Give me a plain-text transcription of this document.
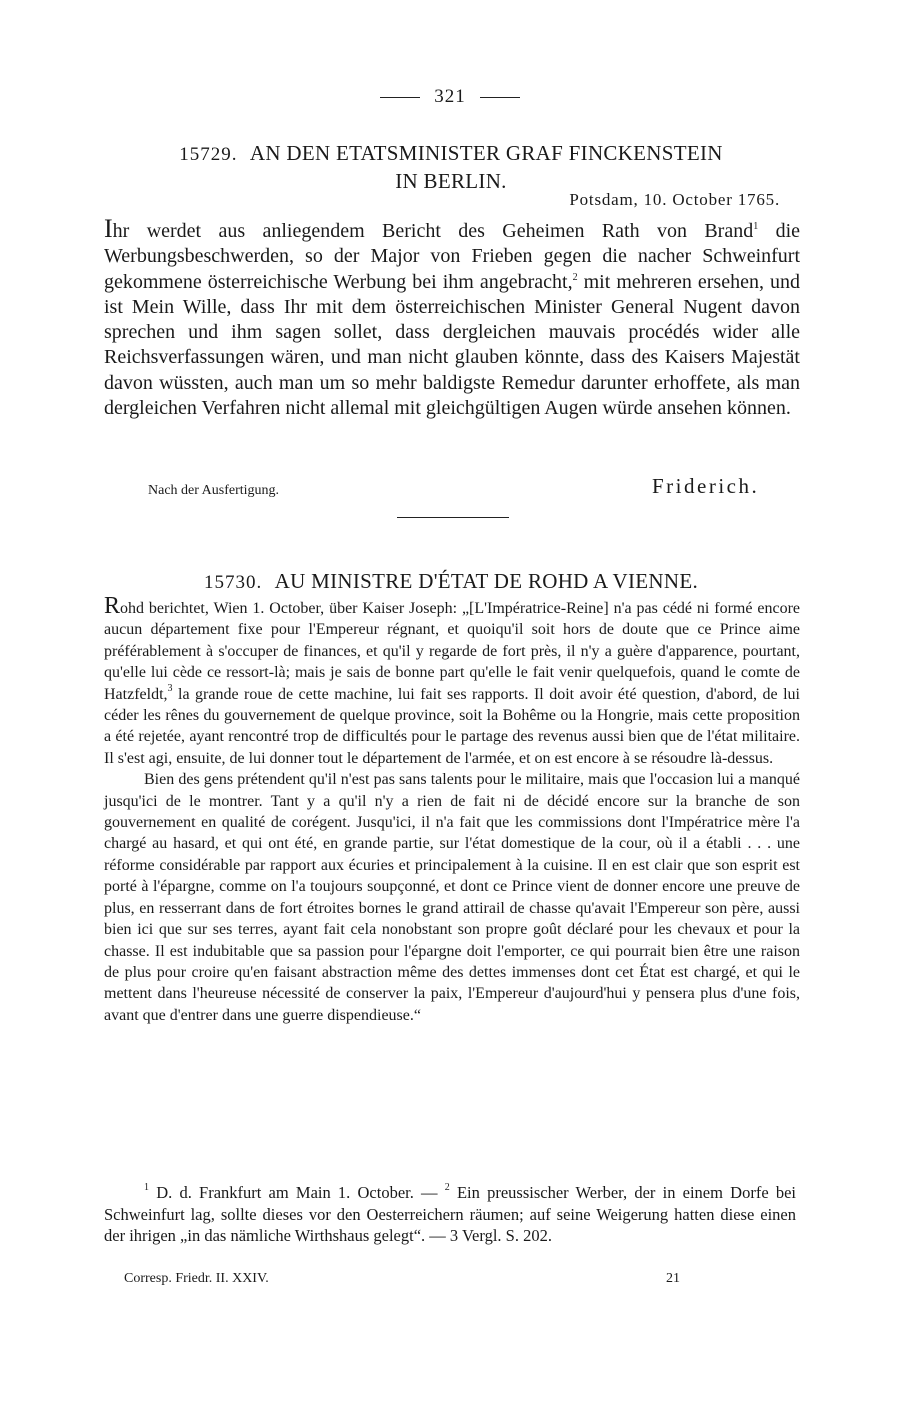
321
15729. AN DEN ETATSMINISTER GRAF FINCKENSTEIN
IN BERLIN.
Potsdam, 10. October 1765.

Ihr werdet aus anliegendem Bericht des Geheimen Rath von Brand$^1$ die Werbungsbeschwerden, so der Major von Frieben gegen die nacher Schweinfurt gekommene österreichische Werbung bei ihm angebracht,$^2$ mit mehreren ersehen, und ist Mein Wille, dass Ihr mit dem österreichischen Minister General Nugent davon sprechen und ihm sagen sollet, dass dergleichen mauvais procédés wider alle Reichsverfassungen wären, und man nicht glauben könnte, dass des Kaisers Majestät davon wüssten, auch man um so mehr baldigste Remedur darunter erhoffete, als man dergleichen Verfahren nicht allemal mit gleichgültigen Augen würde ansehen können.

Nach der Ausfertigung.	Friderich.
15730. AU MINISTRE D'ÉTAT DE ROHD A VIENNE.

Rohd berichtet, Wien 1. October, über Kaiser Joseph: „[L'Impératrice-Reine] n'a pas cédé ni formé encore aucun département fixe pour l'Empereur régnant, et quoiqu'il soit hors de doute que ce Prince aime préférablement à s'occuper de finances, et qu'il y regarde de fort près, il n'y a guère d'apparence, pourtant, qu'elle lui cède ce ressort-là; mais je sais de bonne part qu'elle le fait venir quelquefois, quand le comte de Hatzfeldt,$^3$ la grande roue de cette machine, lui fait ses rapports. Il doit avoir été question, d'abord, de lui céder les rênes du gouvernement de quelque province, soit la Bohême ou la Hongrie, mais cette proposition a été rejetée, ayant rencontré trop de difficultés pour le partage des revenus aussi bien que de l'état militaire. Il s'est agi, ensuite, de lui donner tout le département de l'armée, et on est encore à se résoudre là-dessus.

Bien des gens prétendent qu'il n'est pas sans talents pour le militaire, mais que l'occasion lui a manqué jusqu'ici de le montrer. Tant y a qu'il n'y a rien de fait ni de décidé encore sur la branche de son gouvernement en qualité de corégent. Jusqu'ici, il n'a fait que les commissions dont l'Impératrice mère l'a chargé au hasard, et qui ont été, en grande partie, sur l'état domestique de la cour, où il a établi . . . une réforme considérable par rapport aux écuries et principalement à la cuisine. Il en est clair que son esprit est porté à l'épargne, comme on l'a toujours soupçonné, et dont ce Prince vient de donner encore une preuve de plus, en resserrant dans de fort étroites bornes le grand attirail de chasse qu'avait l'Empereur son père, aussi bien ici que sur ses terres, ayant fait cela nonobstant son propre goût déclaré pour les chevaux et pour la chasse. Il est indubitable que sa passion pour l'épargne doit l'emporter, ce qui pourrait bien être une raison de plus pour croire qu'en faisant abstraction même des dettes immenses dont cet État est chargé, et qui le mettent dans l'heureuse nécessité de conserver la paix, l'Empereur d'aujourd'hui y pensera plus d'une fois, avant que d'entrer dans une guerre dispendieuse.“

$^1$ D. d. Frankfurt am Main 1. October. — $^2$ Ein preussischer Werber, der in einem Dorfe bei Schweinfurt lag, sollte dieses vor den Oesterreichern räumen; auf seine Weigerung hatten diese einen der ihrigen „in das nämliche Wirthshaus gelegt“. — 3 Vergl. S. 202.

Corresp. Friedr. II. XXIV.	21
